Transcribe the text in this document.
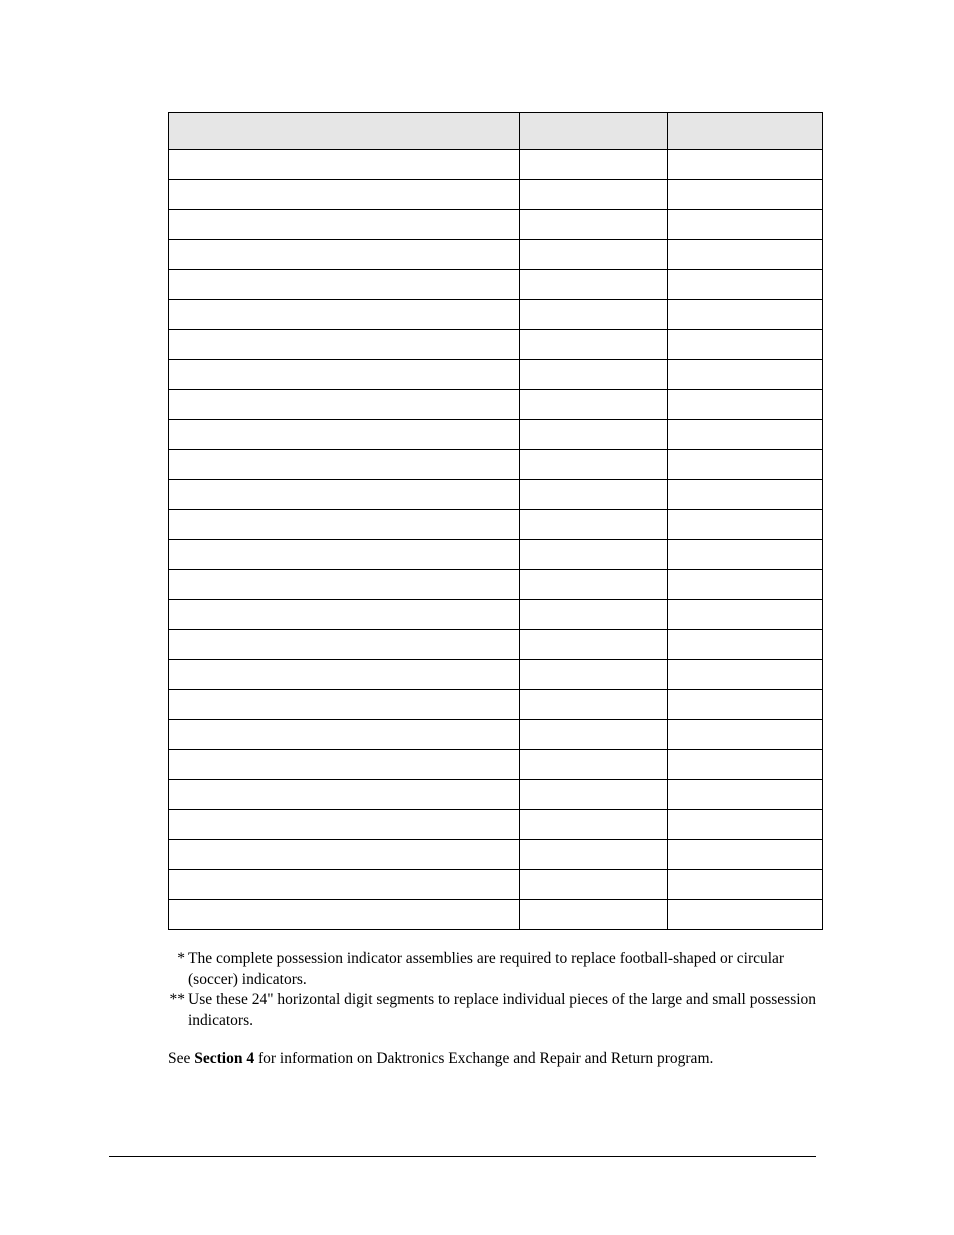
* The complete possession indicator assemblies are required to replace football-shaped or circular (soccer) indicators.

** Use these 24" horizontal digit segments to replace individual pieces of the large and small possession indicators.

See Section 4 for information on Daktronics Exchange and Repair and Return program.
